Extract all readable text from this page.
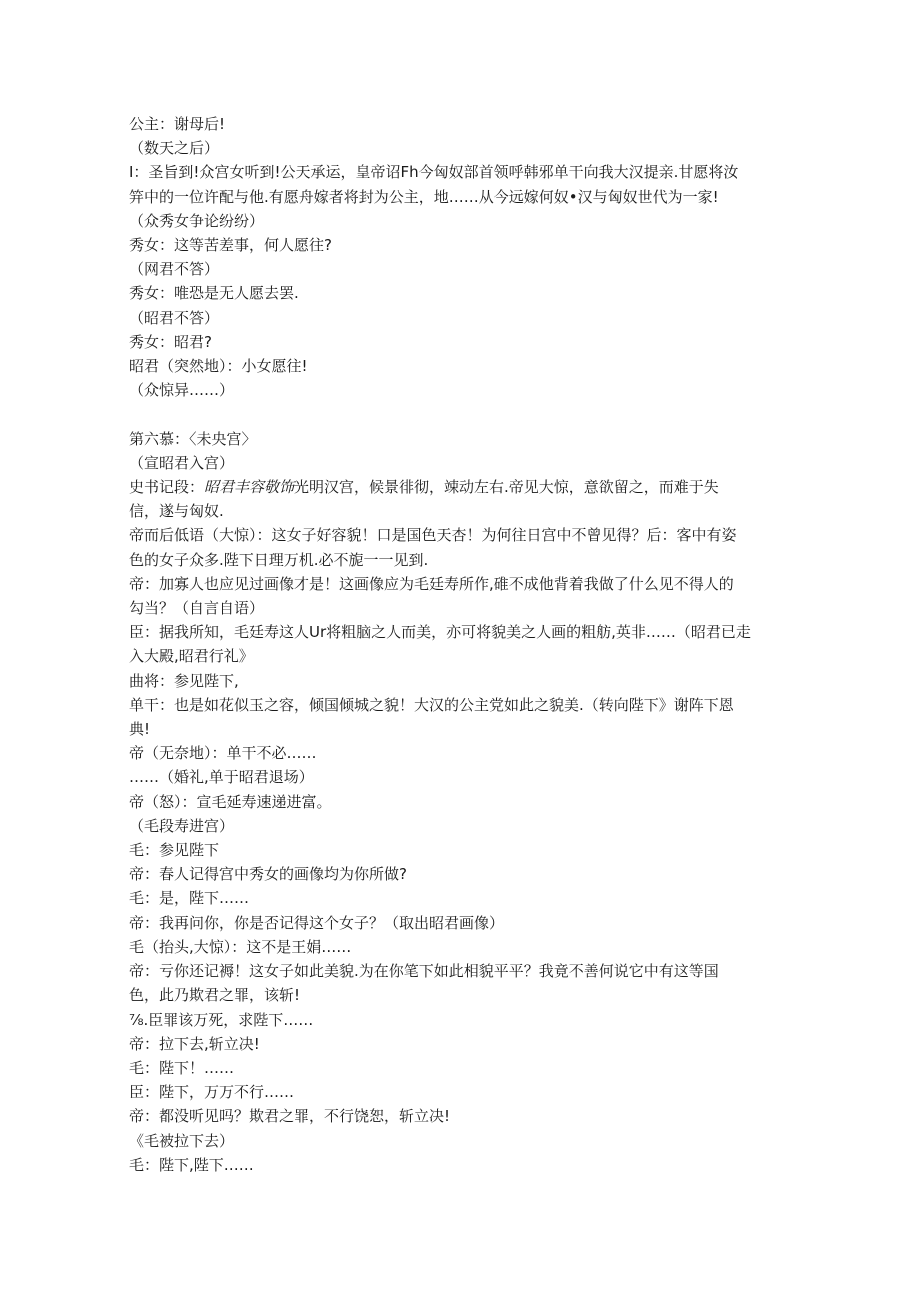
公主：谢母后!

（数天之后）

I：圣旨到!众宫女听到!公天承运，皇帝诏Fh今匈奴部首领呼韩邪单干向我大汉提亲.甘愿将汝

笄中的一位许配与他.有愿舟嫁者将封为公主，地……从今远嫁何奴•汉与匈奴世代为一家!

（众秀女争论纷纷）

秀女：这等苦差事，何人愿往?

（网君不答）

秀女：唯恐是无人愿去罢.

（昭君不答）

秀女：昭君?

昭君（突然地）：小女愿往!

（众惊异……）

第六慕：〈未央宫〉

（宣昭君入宫）

史书记段：昭君丰容敬饰光明汉宫，候景徘彻，竦动左右.帝见大惊，意欲留之，而难于失

信，遂与匈奴.

帝而后低语（大惊）：这女子好容貌！口是国色天杏！为何往日宫中不曾见得？后：客中有姿

色的女子众多.陛下日理万机.必不旎一一见到.

帝：加寡人也应见过画像才是！这画像应为毛廷寿所作,碓不成他背着我做了什么见不得人的

勾当？（自言自语）

臣：据我所知，毛廷寿这人Ur将粗脑之人而美，亦可将貌美之人画的粗舫,英非……（昭君已走

入大殿,昭君行礼》

曲将：参见陛下,

单干：也是如花似玉之容，倾国倾城之貌！大汉的公主党如此之貌美.（转向陛下》谢阵下恩

典!

帝（无奈地）：单干不必……

……（婚礼,单于昭君退场）

帝（怒）：宣毛延寿速递进富。

（毛段寿进宫）

毛：参见陛下

帝：春人记得宫中秀女的画像均为你所做?

毛：是，陛下……

帝：我再问你，你是否记得这个女子？（取出昭君画像）

毛（抬头,大惊）：这不是王娟……

帝：亏你还记褥！这女子如此美貌.为在你笔下如此相貌平平？我竟不善何说它中有这等国

色，此乃欺君之罪，该斩!

⅞.臣罪该万死，求陛下……

帝：拉下去,斩立决!

毛：陛下！……

臣：陛下，万万不行……

帝：都没听见吗？欺君之罪，不行饶恕，斩立决!

《毛被拉下去）

毛：陛下,陛下……
